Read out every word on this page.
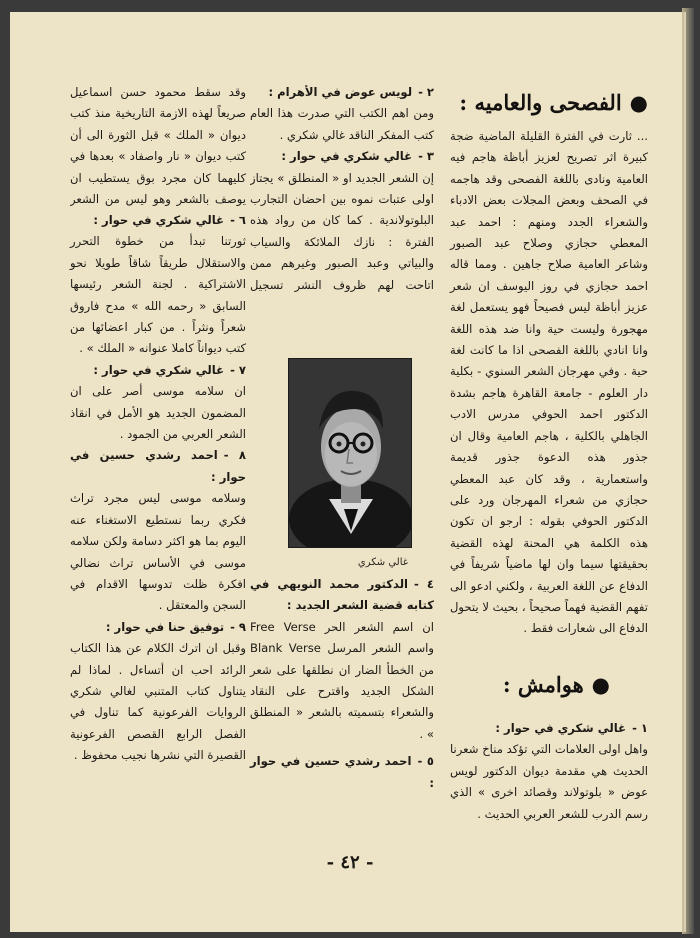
●الفصحى والعاميه :

... ثارت في الفترة القليلة الماضية ضجة كبيرة اثر تصريح لعزيز أباظة هاجم فيه العامية ونادى باللغة الفصحى وقد هاجمه في الصحف وبعض المجلات بعض الادباء والشعراء الجدد ومنهم : احمد عبد المعطي حجازي وصلاح عبد الصبور وشاعر العامية صلاح جاهين . ومما قاله احمد حجازي في روز اليوسف ان شعر عزيز أباظة ليس فصيحاً فهو يستعمل لغة مهجورة وليست حية وانا ضد هذه اللغة وانا انادي باللغة الفصحى اذا ما كانت لغة حية . وفي مهرجان الشعر السنوي - بكلية دار العلوم - جامعة القاهرة هاجم بشدة الدكتور احمد الحوفي مدرس الادب الجاهلي بالكلية ، هاجم العامية وقال ان جذور هذه الدعوة جذور قديمة واستعمارية ، وقد كان عبد المعطي حجازي من شعراء المهرجان ورد على الدكتور الحوفي بقوله : ارجو ان تكون هذه الكلمة هي المحنة لهذه القضية بحقيقتها سيما وان لها ماضياً شريفاً في الدفاع عن اللغة العربية ، ولكني ادعو الى تفهم القضية فهماً صحيحاً ، بحيث لا يتحول الدفاع الى شعارات فقط .

●هوامش :

١ -غالي شكري في حوار :

واهل اولى العلامات التي تؤكد مناخ شعرنا الحديث هي مقدمة ديوان الدكتور لويس عوض « بلوتولاند وقصائد اخرى » الذي رسم الدرب للشعر العربي الحديث .

٢ -لويس عوض في الأهرام :

ومن اهم الكتب التي صدرت هذا العام كتب المفكر الناقد غالي شكري .

٣ -غالي شكري في حوار :

إن الشعر الجديد او « المنطلق » يجتاز اولى عتبات نموه بين احضان التجارب البلوتولاندية . كما كان من رواد هذه الفترة : نازك الملائكة والسياب والبياتي وعبد الصبور وغيرهم ممن اتاحت لهم ظروف النشر تسجيل

غالي شكري

٤ -الدكتور محمد النويهي في كتابه قضية الشعر الجديد :

ان اسم الشعر الحر Free Verse واسم الشعر المرسل Blank Verse من الخطأ الضار ان نطلقها على شعر الشكل الجديد واقترح على النقاد والشعراء بتسميته بالشعر « المنطلق » .

٥ -احمد رشدي حسين في حوار :

وقد سقط محمود حسن اسماعيل صريعاً لهذه الازمة التاريخية منذ كتب ديوان « الملك » قبل الثورة الى أن كتب ديوان « نار واصفاد » بعدها في كليهما كان مجرد بوق يستطيب ان يوصف بالشعر وهو ليس من الشعر

٦ -غالي شكري في حوار :

ثورتنا تبدأ من خطوة التحرر والاستقلال طريقاً شاقاً طويلا نحو الاشتراكية . لجنة الشعر رئيسها السابق « رحمه الله » مدح فاروق شعراً ونثراً . من كبار اعضائها من كتب ديواناً كاملا عنوانه « الملك » .

٧ -غالي شكري في حوار :

ان سلامه موسى أصر على ان المضمون الجديد هو الأمل في انقاذ الشعر العربي من الجمود .

٨ -احمد رشدي حسين في حوار :

وسلامه موسى ليس مجرد تراث فكري ربما نستطيع الاستغناء عنه اليوم بما هو اكثر دسامة ولكن سلامه موسى في الأساس تراث نضالي افكرة ظلت تدوسها الاقدام في السجن والمعتقل .

٩ -توفيق حنا في حوار :

وقبل ان اترك الكلام عن هذا الكتاب الرائد احب ان أتساءل . لماذا لم يتناول كتاب المتنبي لغالي شكري الروايات الفرعونية كما تناول في الفصل الرابع القصص الفرعونية القصيرة التي نشرها نجيب محفوظ .

- ٤٢ -
